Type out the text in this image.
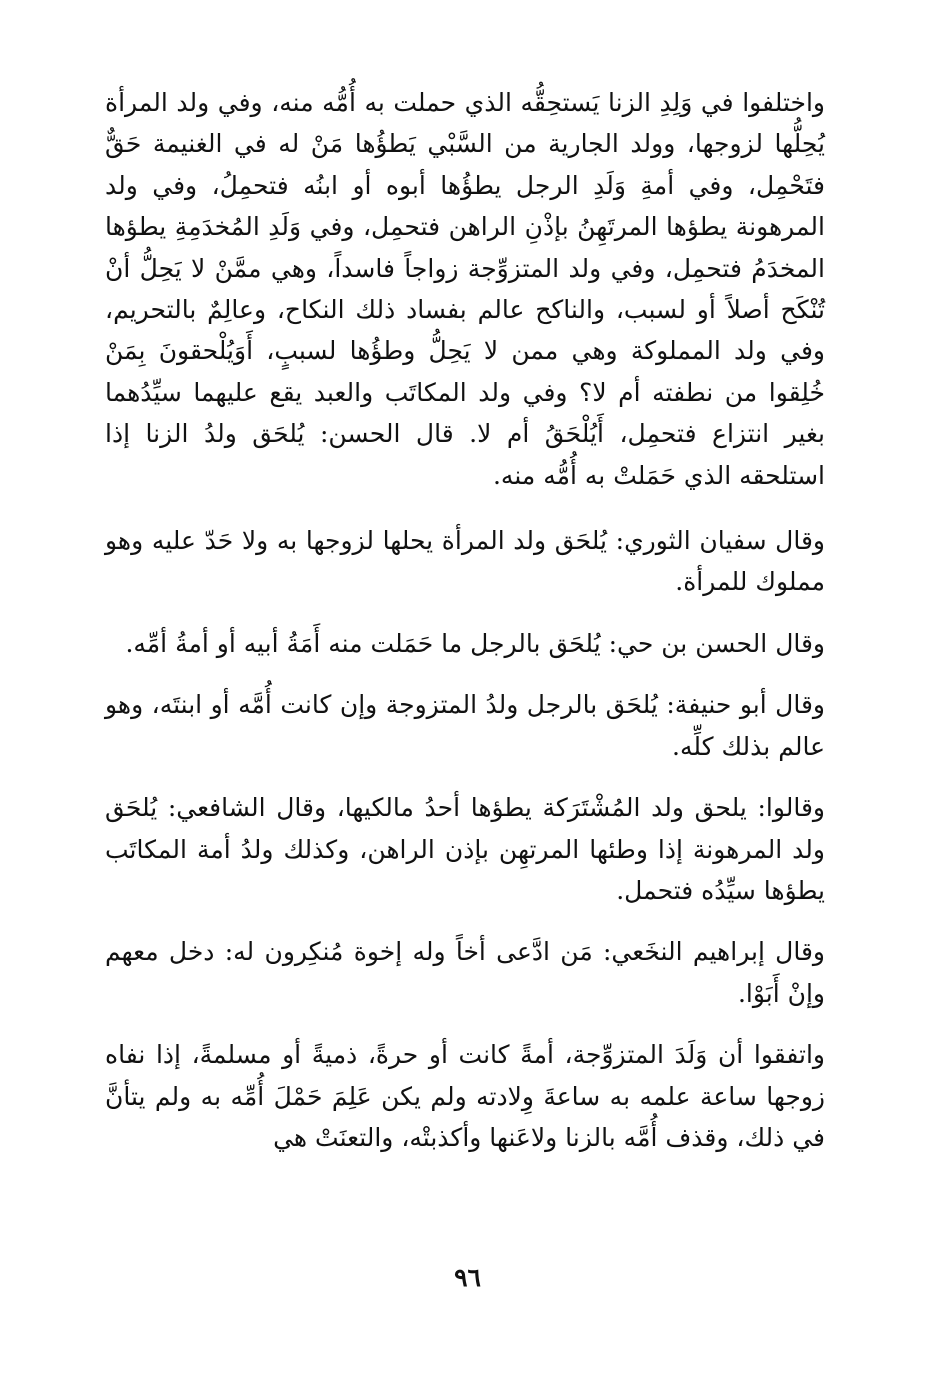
واختلفوا في وَلِدِ الزنا يَستحِقُّه الذي حملت به أُمُّه منه، وفي ولد المرأة يُحِلُّها لزوجها، وولد الجارية من السَّبْي يَطؤُها مَنْ له في الغنيمة حَقٌّ فتَحْمِل، وفي أمةِ وَلَدِ الرجل يطؤُها أبوه أو ابنُه فتحمِلُ، وفي ولد المرهونة يطؤها المرتَهِنُ بإذْنِ الراهن فتحمِل، وفي وَلَدِ المُخدَمِةِ يطؤها المخدَمُ فتحمِل، وفي ولد المتزوِّجة زواجاً فاسداً، وهي ممَّنْ لا يَحِلُّ أنْ تُنْكَح أصلاً أو لسبب، والناكح عالم بفساد ذلك النكاح، وعالِمٌ بالتحريم، وفي ولد المملوكة وهي ممن لا يَحِلُّ وطؤُها لسببٍ، أَوَيُلْحقونَ بِمَنْ خُلِقوا من نطفته أم لا؟ وفي ولد المكاتَب والعبد يقع عليهما سيِّدُهما بغير انتزاع فتحمِل، أَيُلْحَقُ أم لا. قال الحسن: يُلحَق ولدُ الزنا إذا استلحقه الذي حَمَلتْ به أُمُّه منه.

وقال سفيان الثوري: يُلحَق ولد المرأة يحلها لزوجها به ولا حَدّ عليه وهو مملوك للمرأة.

وقال الحسن بن حي: يُلحَق بالرجل ما حَمَلت منه أَمَةُ أبيه أو أمةُ أمِّه.

وقال أبو حنيفة: يُلحَق بالرجل ولدُ المتزوجة وإن كانت أُمَّه أو ابنتَه، وهو عالم بذلك كلِّه.

وقالوا: يلحق ولد المُشْتَرَكة يطؤها أحدُ مالكيها، وقال الشافعي: يُلحَق ولد المرهونة إذا وطئها المرتهِن بإذن الراهن، وكذلك ولدُ أمة المكاتَب يطؤها سيِّدُه فتحمل.

وقال إبراهيم النخَعي: مَن ادَّعى أخاً وله إخوة مُنكِرون له: دخل معهم وإنْ أَبَوْا.

واتفقوا أن وَلَدَ المتزوِّجة، أمةً كانت أو حرةً، ذميةً أو مسلمةً، إذا نفاه زوجها ساعة علمه به ساعةَ وِلادته ولم يكن عَلِمَ حَمْلَ أُمِّه به ولم يتأنَّ في ذلك، وقذف أُمَّه بالزنا ولاعَنها وأكذبتْه، والتعنَتْ هي

٩٦
